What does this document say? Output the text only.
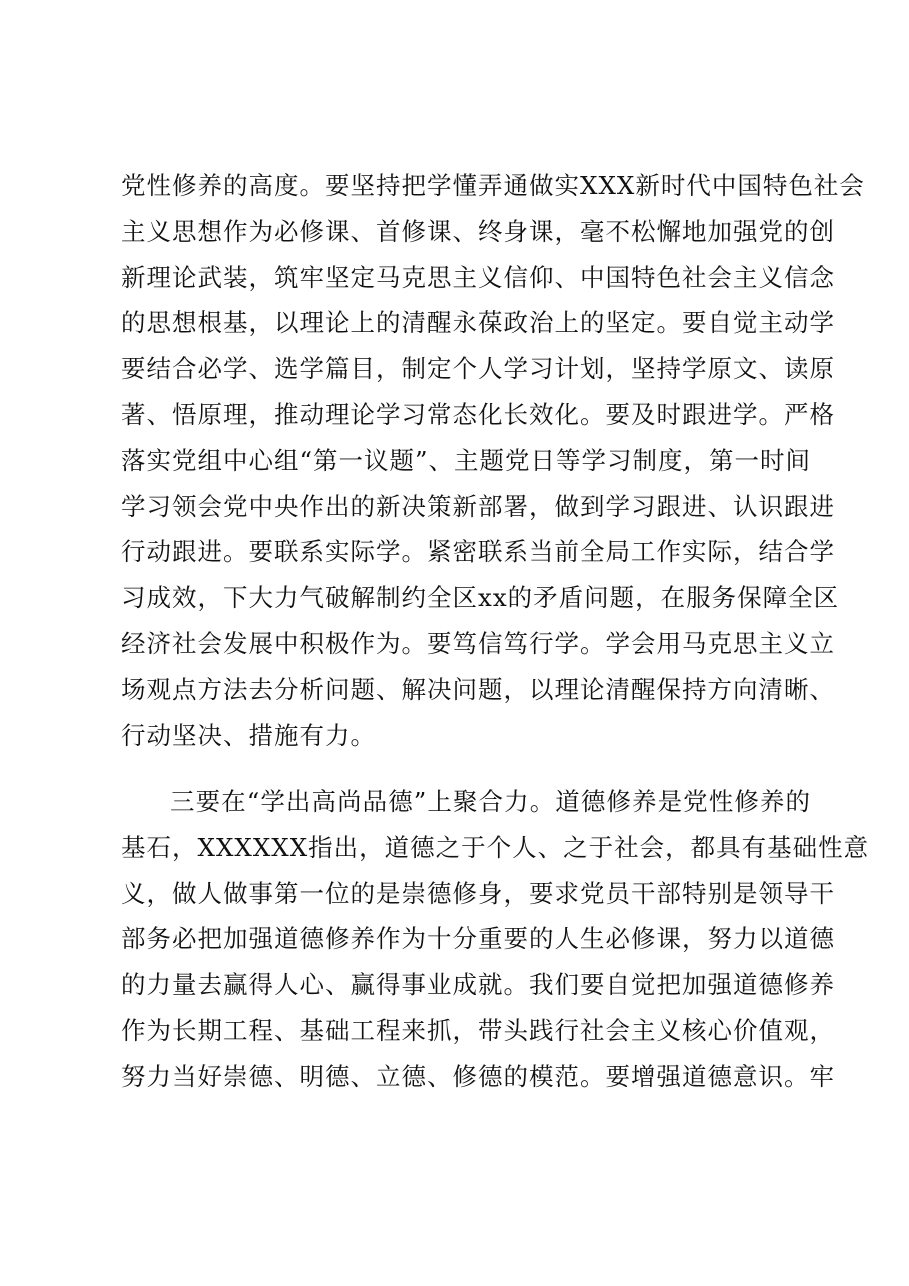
党性修养的高度。要坚持把学懂弄通做实XXX新时代中国特色社会
主义思想作为必修课、首修课、终身课，毫不松懈地加强党的创
新理论武装，筑牢坚定马克思主义信仰、中国特色社会主义信念
的思想根基，以理论上的清醒永葆政治上的坚定。要自觉主动学
要结合必学、选学篇目，制定个人学习计划，坚持学原文、读原
著、悟原理，推动理论学习常态化长效化。要及时跟进学。严格
落实党组中心组“第一议题”、主题党日等学习制度，第一时间
学习领会党中央作出的新决策新部署，做到学习跟进、认识跟进
行动跟进。要联系实际学。紧密联系当前全局工作实际，结合学
习成效，下大力气破解制约全区xx的矛盾问题，在服务保障全区
经济社会发展中积极作为。要笃信笃行学。学会用马克思主义立
场观点方法去分析问题、解决问题，以理论清醒保持方向清晰、
行动坚决、措施有力。
三要在“学出高尚品德”上聚合力。道德修养是党性修养的
基石，XXXXXX指出，道德之于个人、之于社会，都具有基础性意
义，做人做事第一位的是崇德修身，要求党员干部特别是领导干
部务必把加强道德修养作为十分重要的人生必修课，努力以道德
的力量去赢得人心、赢得事业成就。我们要自觉把加强道德修养
作为长期工程、基础工程来抓，带头践行社会主义核心价值观，
努力当好崇德、明德、立德、修德的模范。要增强道德意识。牢
